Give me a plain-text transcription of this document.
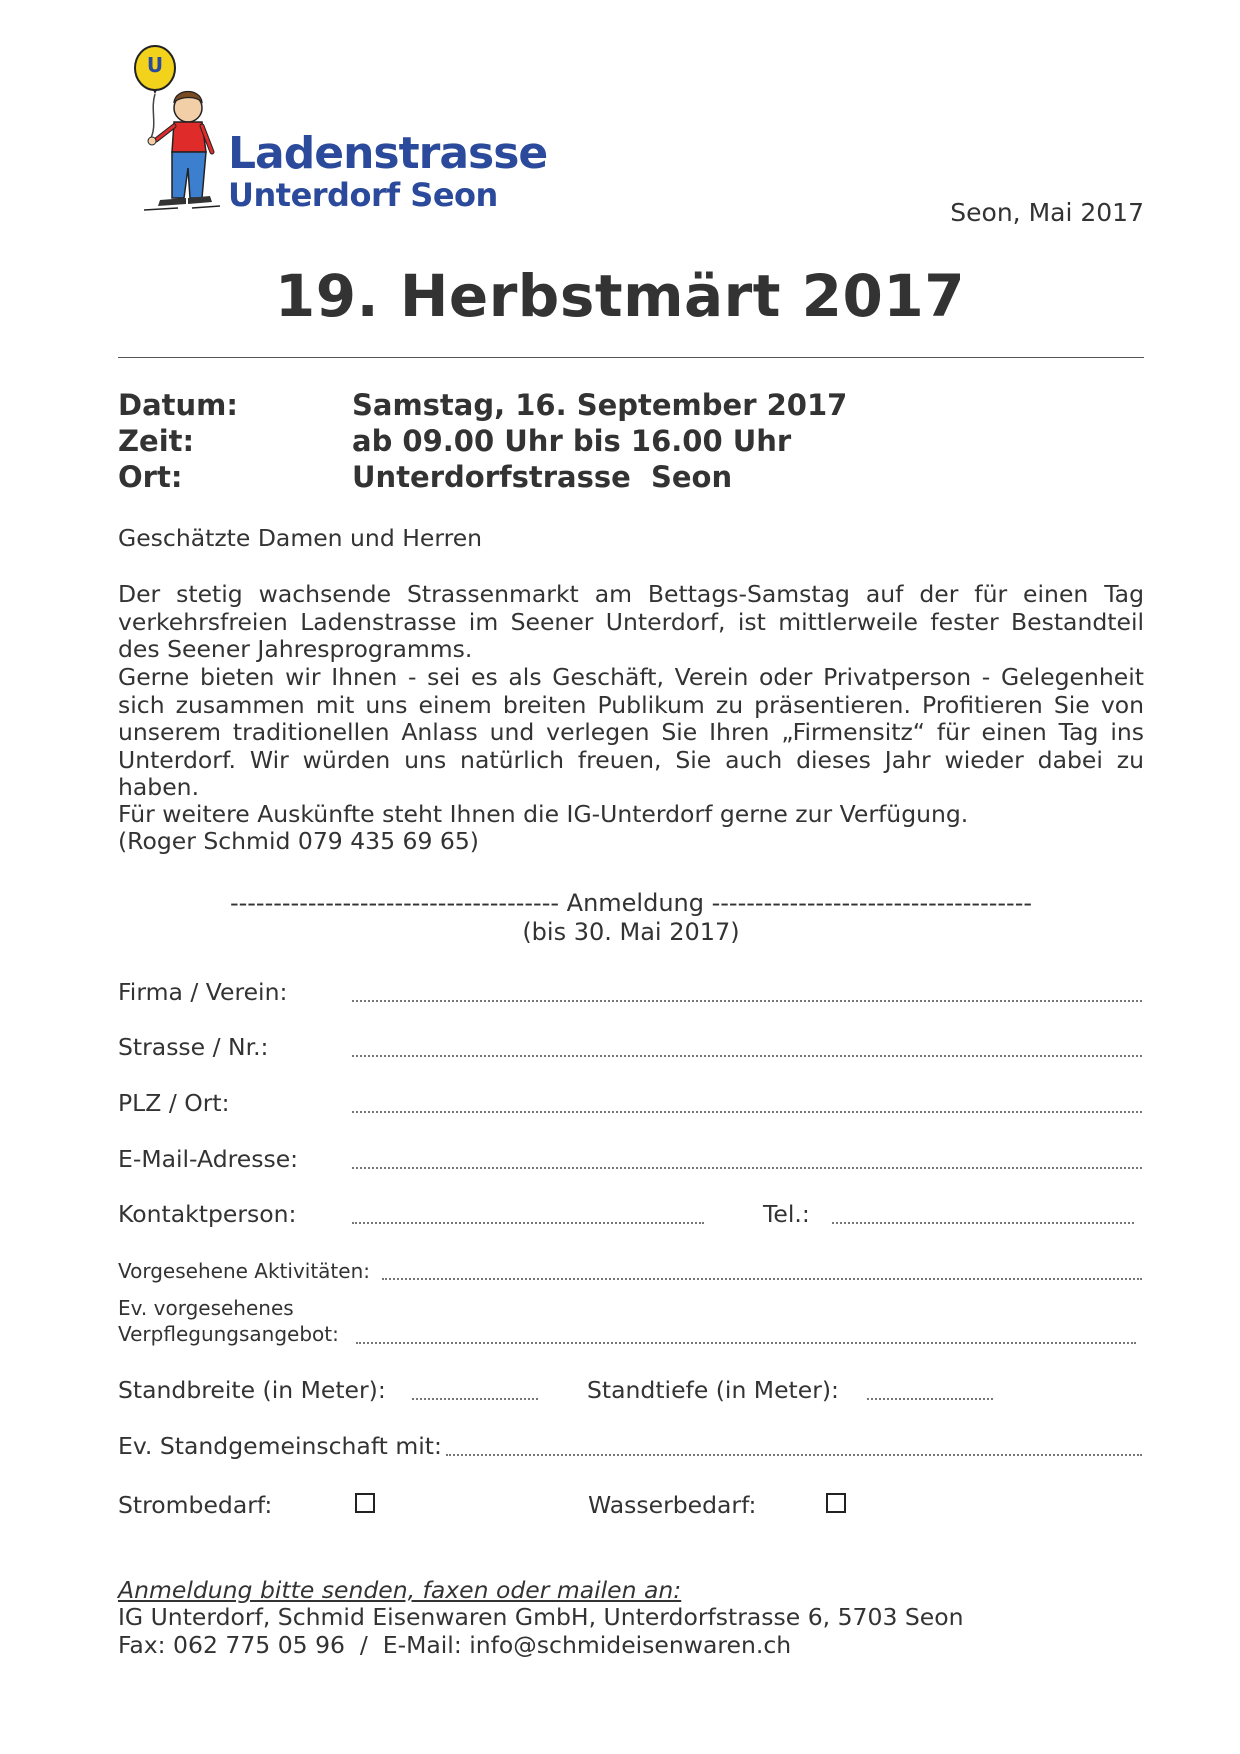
U
Ladenstrasse
Unterdorf Seon	Seon, Mai 2017
19. Herbstmärt 2017
Datum:	Samstag, 16. September 2017
Zeit:	ab 09.00 Uhr bis 16.00 Uhr
Ort:	Unterdorfstrasse  Seon
Geschätzte Damen und Herren
Der stetig wachsende Strassenmarkt am Bettags-Samstag auf der für einen Tag verkehrsfreien Ladenstrasse im Seener Unterdorf, ist mittlerweile fester Bestandteil des Seener Jahresprogramms.
Gerne bieten wir Ihnen - sei es als Geschäft, Verein oder Privatperson - Gelegenheit sich zusammen mit uns einem breiten Publikum zu präsentieren. Profitieren Sie von unserem traditionellen Anlass und verlegen Sie Ihren „Firmensitz“ für einen Tag ins Unterdorf. Wir würden uns natürlich freuen, Sie auch dieses Jahr wieder dabei zu haben.
Für weitere Auskünfte steht Ihnen die IG-Unterdorf gerne zur Verfügung.
(Roger Schmid 079 435 69 65)
-------------------------------------- Anmeldung -------------------------------------
(bis 30. Mai 2017)
Firma / Verein:
Strasse / Nr.:
PLZ / Ort:
E-Mail-Adresse:
Kontaktperson:	Tel.:
Vorgesehene Aktivitäten:
Ev. vorgesehenes
Verpflegungsangebot:
Standbreite (in Meter):	Standtiefe (in Meter):
Ev. Standgemeinschaft mit:
Strombedarf:	Wasserbedarf:
Anmeldung bitte senden, faxen oder mailen an:
IG Unterdorf, Schmid Eisenwaren GmbH, Unterdorfstrasse 6, 5703 Seon
Fax: 062 775 05 96  /  E-Mail: info@schmideisenwaren.ch
